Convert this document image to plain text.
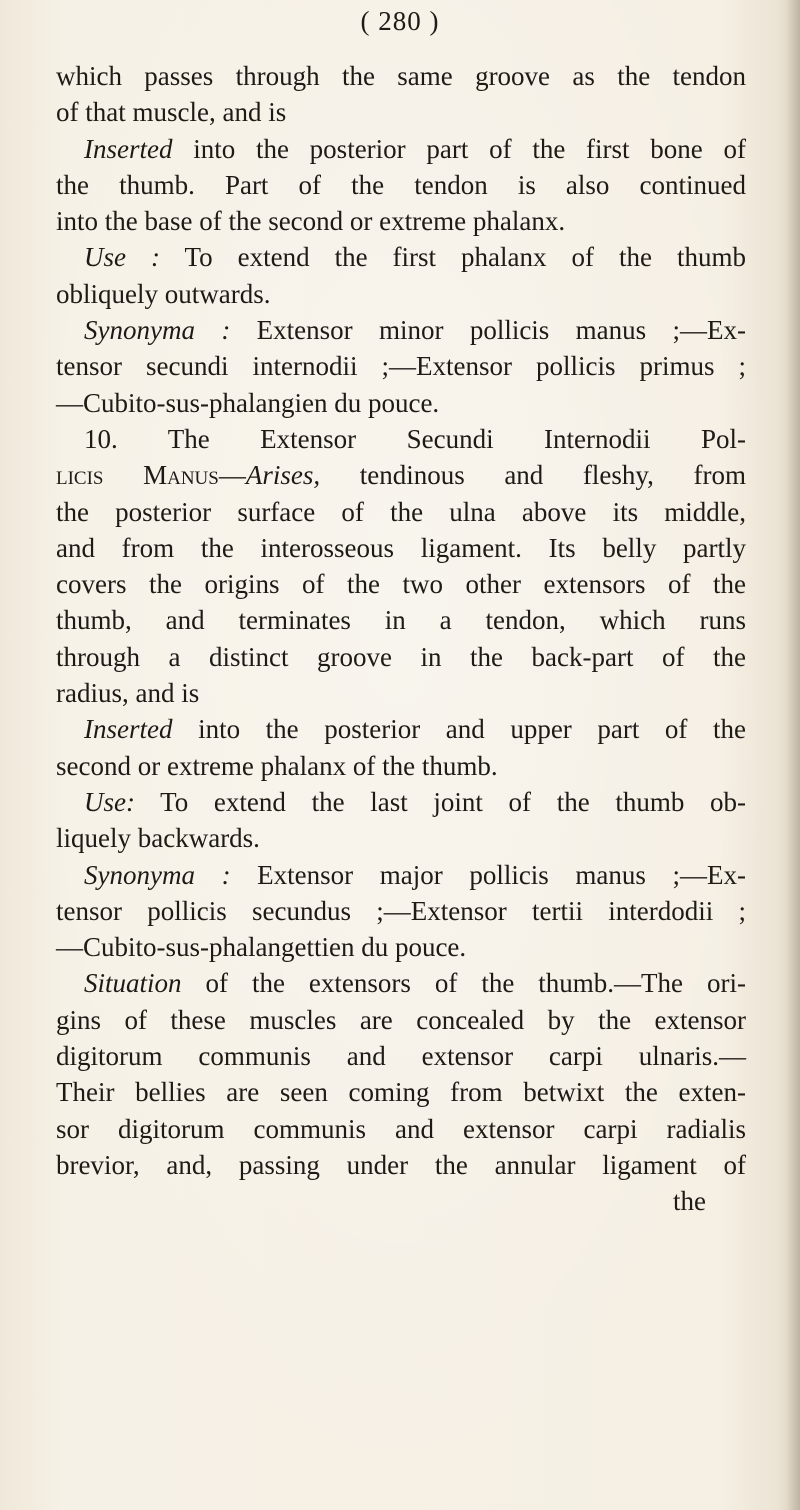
( 280 )
which passes through the same groove as the tendon
of that muscle, and is
Inserted into the posterior part of the first bone of
the thumb. Part of the tendon is also continued
into the base of the second or extreme phalanx.
Use : To extend the first phalanx of the thumb
obliquely outwards.
Synonyma : Extensor minor pollicis manus ;—Ex-
tensor secundi internodii ;—Extensor pollicis primus ;
—Cubito-sus-phalangien du pouce.
10. The Extensor Secundi Internodii Pol-
licis Manus—Arises, tendinous and fleshy, from
the posterior surface of the ulna above its middle,
and from the interosseous ligament. Its belly partly
covers the origins of the two other extensors of the
thumb, and terminates in a tendon, which runs
through a distinct groove in the back-part of the
radius, and is
Inserted into the posterior and upper part of the
second or extreme phalanx of the thumb.
Use: To extend the last joint of the thumb ob-
liquely backwards.
Synonyma : Extensor major pollicis manus ;—Ex-
tensor pollicis secundus ;—Extensor tertii interdodii ;
—Cubito-sus-phalangettien du pouce.
Situation of the extensors of the thumb.—The ori-
gins of these muscles are concealed by the extensor
digitorum communis and extensor carpi ulnaris.—
Their bellies are seen coming from betwixt the exten-
sor digitorum communis and extensor carpi radialis
brevior, and, passing under the annular ligament of
the
